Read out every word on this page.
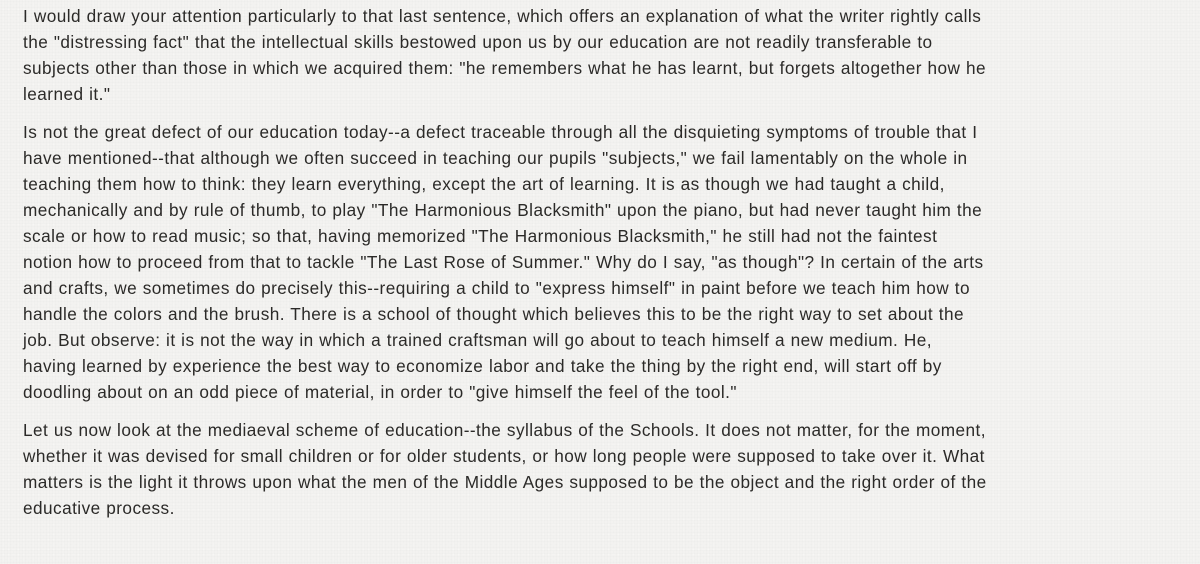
I would draw your attention particularly to that last sentence, which offers an explanation of what the writer rightly calls the "distressing fact" that the intellectual skills bestowed upon us by our education are not readily transferable to subjects other than those in which we acquired them: "he remembers what he has learnt, but forgets altogether how he learned it."

Is not the great defect of our education today--a defect traceable through all the disquieting symptoms of trouble that I have mentioned--that although we often succeed in teaching our pupils "subjects," we fail lamentably on the whole in teaching them how to think: they learn everything, except the art of learning. It is as though we had taught a child, mechanically and by rule of thumb, to play "The Harmonious Blacksmith" upon the piano, but had never taught him the scale or how to read music; so that, having memorized "The Harmonious Blacksmith," he still had not the faintest notion how to proceed from that to tackle "The Last Rose of Summer." Why do I say, "as though"? In certain of the arts and crafts, we sometimes do precisely this--requiring a child to "express himself" in paint before we teach him how to handle the colors and the brush. There is a school of thought which believes this to be the right way to set about the job. But observe: it is not the way in which a trained craftsman will go about to teach himself a new medium. He, having learned by experience the best way to economize labor and take the thing by the right end, will start off by doodling about on an odd piece of material, in order to "give himself the feel of the tool."

Let us now look at the mediaeval scheme of education--the syllabus of the Schools. It does not matter, for the moment, whether it was devised for small children or for older students, or how long people were supposed to take over it. What matters is the light it throws upon what the men of the Middle Ages supposed to be the object and the right order of the educative process.
